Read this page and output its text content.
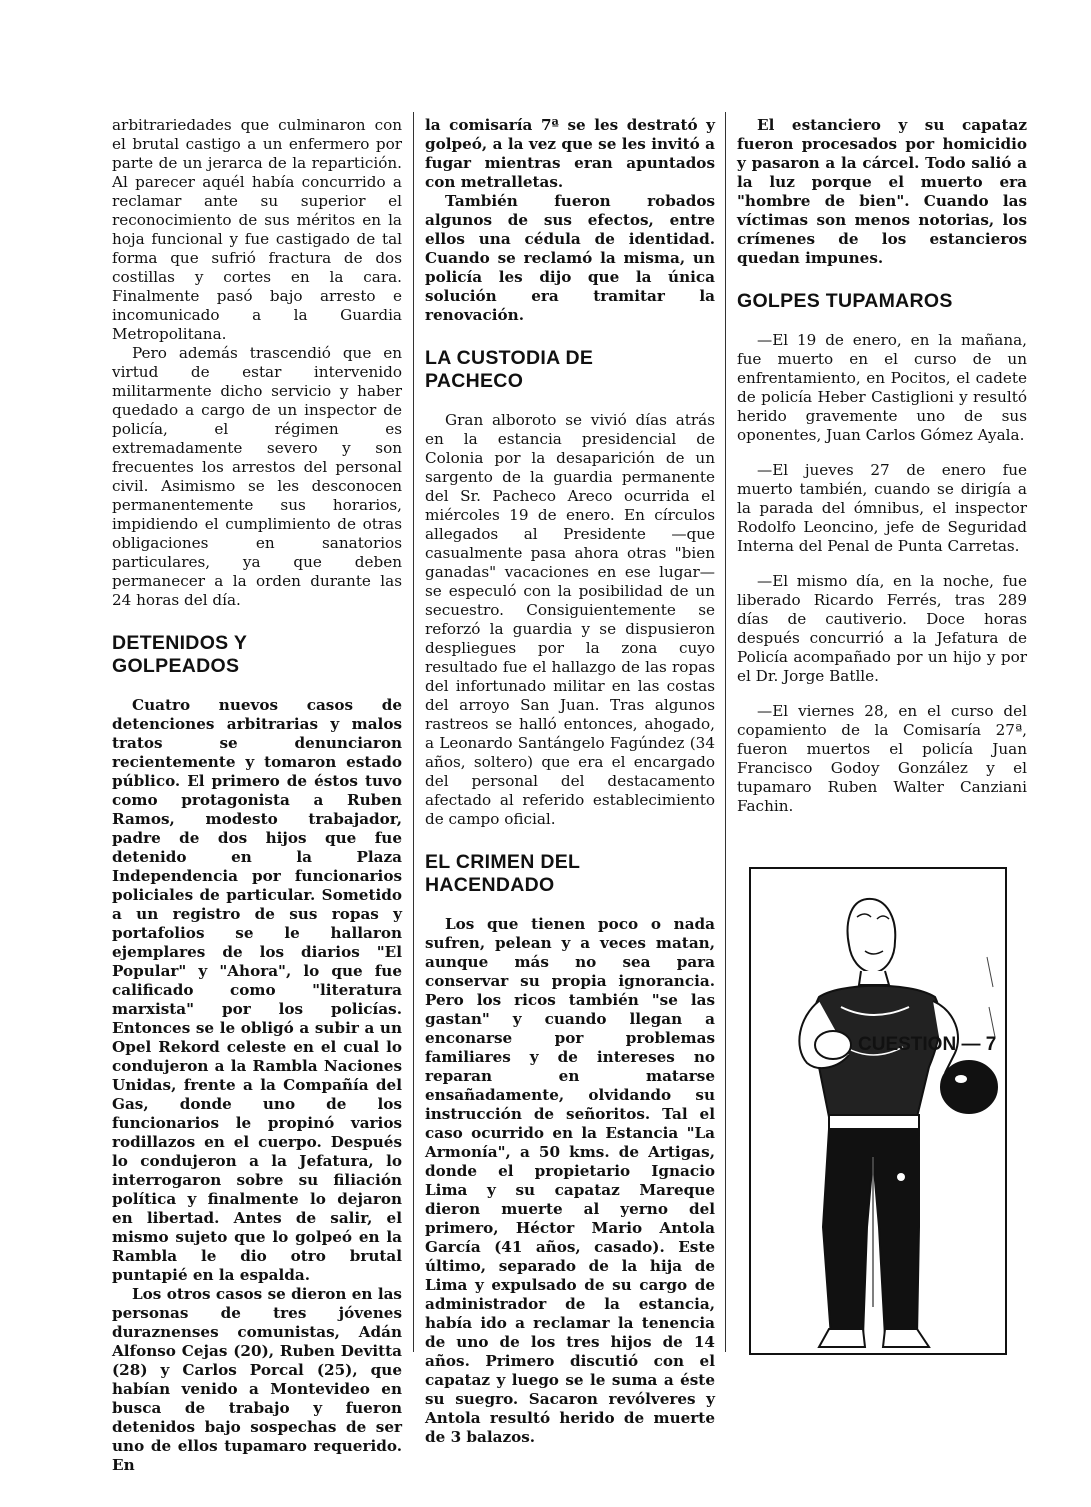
arbitrariedades que culminaron con el brutal castigo a un enfermero por parte de un jerarca de la repartición. Al parecer aquél había concurrido a reclamar ante su superior el reconocimiento de sus méritos en la hoja funcional y fue castigado de tal forma que sufrió fractura de dos costillas y cortes en la cara. Finalmente pasó bajo arresto e incomunicado a la Guardia Metropolitana.

Pero además trascendió que en virtud de estar intervenido militarmente dicho servicio y haber quedado a cargo de un inspector de policía, el régimen es extremadamente severo y son frecuentes los arrestos del personal civil. Asimismo se les desconocen permanentemente sus horarios, impidiendo el cumplimiento de otras obligaciones en sanatorios particulares, ya que deben permanecer a la orden durante las 24 horas del día.

DETENIDOS Y GOLPEADOS

Cuatro nuevos casos de detenciones arbitrarias y malos tratos se denunciaron recientemente y tomaron estado público. El primero de éstos tuvo como protagonista a Ruben Ramos, modesto trabajador, padre de dos hijos que fue detenido en la Plaza Independencia por funcionarios policiales de particular. Sometido a un registro de sus ropas y portafolios se le hallaron ejemplares de los diarios "El Popular" y "Ahora", lo que fue calificado como "literatura marxista" por los policías. Entonces se le obligó a subir a un Opel Rekord celeste en el cual lo condujeron a la Rambla Naciones Unidas, frente a la Compañía del Gas, donde uno de los funcionarios le propinó varios rodillazos en el cuerpo. Después lo condujeron a la Jefatura, lo interrogaron sobre su filiación política y finalmente lo dejaron en libertad. Antes de salir, el mismo sujeto que lo golpeó en la Rambla le dio otro brutal puntapié en la espalda.

Los otros casos se dieron en las personas de tres jóvenes duraznenses comunistas, Adán Alfonso Cejas (20), Ruben Devitta (28) y Carlos Porcal (25), que habían venido a Montevideo en busca de trabajo y fueron detenidos bajo sospechas de ser uno de ellos tupamaro requerido. En

la comisaría 7ª se les destrató y golpeó, a la vez que se les invitó a fugar mientras eran apuntados con metralletas.

También fueron robados algunos de sus efectos, entre ellos una cédula de identidad. Cuando se reclamó la misma, un policía les dijo que la única solución era tramitar la renovación.

LA CUSTODIA DE PACHECO

Gran alboroto se vivió días atrás en la estancia presidencial de Colonia por la desaparición de un sargento de la guardia permanente del Sr. Pacheco Areco ocurrida el miércoles 19 de enero. En círculos allegados al Presidente —que casualmente pasa ahora otras "bien ganadas" vacaciones en ese lugar— se especuló con la posibilidad de un secuestro. Consiguientemente se reforzó la guardia y se dispusieron despliegues por la zona cuyo resultado fue el hallazgo de las ropas del infortunado militar en las costas del arroyo San Juan. Tras algunos rastreos se halló entonces, ahogado, a Leonardo Santángelo Fagúndez (34 años, soltero) que era el encargado del personal del destacamento afectado al referido establecimiento de campo oficial.

EL CRIMEN DEL HACENDADO

Los que tienen poco o nada sufren, pelean y a veces matan, aunque más no sea para conservar su propia ignorancia. Pero los ricos también "se las gastan" y cuando llegan a enconarse por problemas familiares y de intereses no reparan en matarse ensañadamente, olvidando su instrucción de señoritos. Tal el caso ocurrido en la Estancia "La Armonía", a 50 kms. de Artigas, donde el propietario Ignacio Lima y su capataz Mareque dieron muerte al yerno del primero, Héctor Mario Antola García (41 años, casado). Este último, separado de la hija de Lima y expulsado de su cargo de administrador de la estancia, había ido a reclamar la tenencia de uno de los tres hijos de 14 años. Primero discutió con el capataz y luego se le suma a éste su suegro. Sacaron revólveres y Antola resultó herido de muerte de 3 balazos.

El estanciero y su capataz fueron procesados por homicidio y pasaron a la cárcel. Todo salió a la luz porque el muerto era "hombre de bien". Cuando las víctimas son menos notorias, los crímenes de los estancieros quedan impunes.

GOLPES TUPAMAROS

—El 19 de enero, en la mañana, fue muerto en el curso de un enfrentamiento, en Pocitos, el cadete de policía Heber Castiglioni y resultó herido gravemente uno de sus oponentes, Juan Carlos Gómez Ayala.

—El jueves 27 de enero fue muerto también, cuando se dirigía a la parada del ómnibus, el inspector Rodolfo Leoncino, jefe de Seguridad Interna del Penal de Punta Carretas.

—El mismo día, en la noche, fue liberado Ricardo Ferrés, tras 289 días de cautiverio. Doce horas después concurrió a la Jefatura de Policía acompañado por un hijo y por el Dr. Jorge Batlle.

—El viernes 28, en el curso del copamiento de la Comisaría 27ª, fueron muertos el policía Juan Francisco Godoy González y el tupamaro Ruben Walter Canziani Fachin.

CUESTION — 7
